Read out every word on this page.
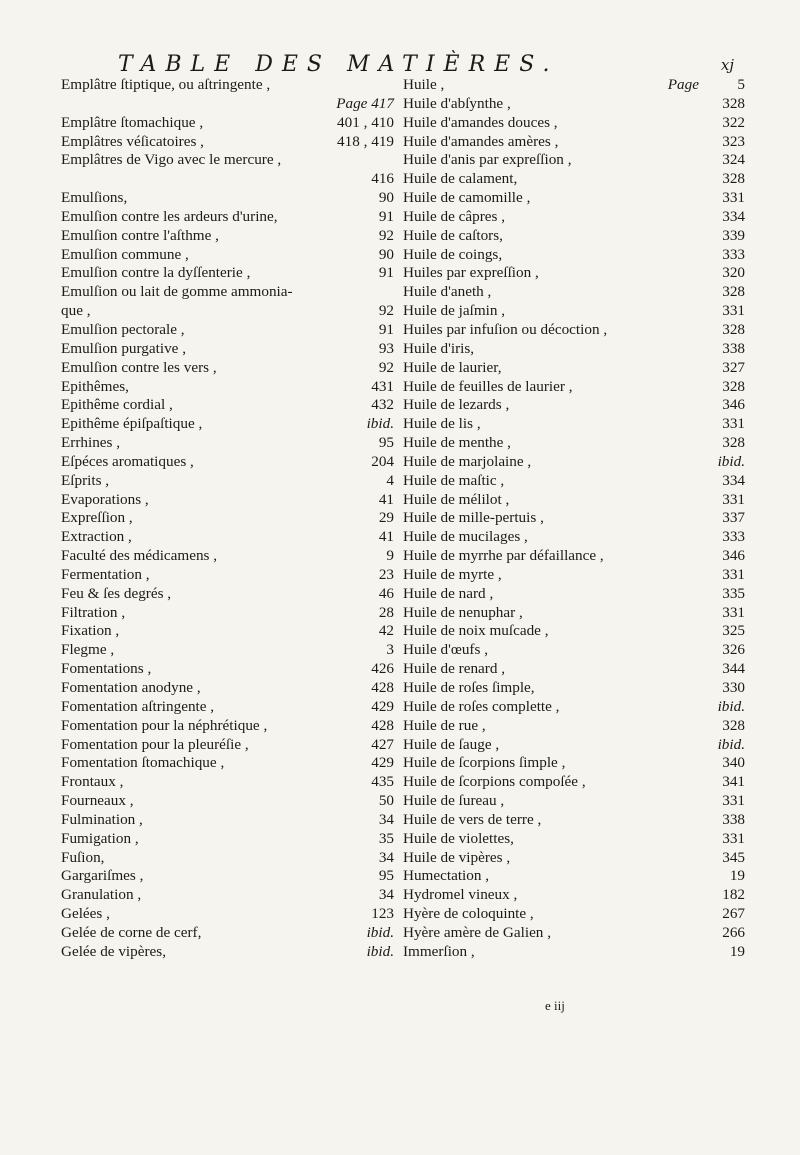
TABLE DES MATIÈRES.	xj
Emplâtre ſtiptique, ou aſtringente ,
Page 417
Emplâtre ſtomachique ,	401 , 410
Emplâtres véſicatoires ,	418 , 419
Emplâtres de Vigo avec le mercure ,
416
Emulſions,	90
Emulſion contre les ardeurs d'urine,	91
Emulſion contre l'aſthme ,	92
Emulſion commune ,	90
Emulſion contre la dyſſenterie ,	91
Emulſion ou lait de gomme ammonia-
que ,	92
Emulſion pectorale ,	91
Emulſion purgative ,	93
Emulſion contre les vers ,	92
Epithêmes,	431
Epithême cordial ,	432
Epithême épiſpaſtique ,	ibid.
Errhines ,	95
Eſpéces aromatiques ,	204
Eſprits ,	4
Evaporations ,	41
Expreſſion ,	29
Extraction ,	41
Faculté des médicamens ,	9
Fermentation ,	23
Feu & ſes degrés ,	46
Filtration ,	28
Fixation ,	42
Flegme ,	3
Fomentations ,	426
Fomentation anodyne ,	428
Fomentation aſtringente ,	429
Fomentation pour la néphrétique ,	428
Fomentation pour la pleuréſie ,	427
Fomentation ſtomachique ,	429
Frontaux ,	435
Fourneaux ,	50
Fulmination ,	34
Fumigation ,	35
Fuſion,	34
Gargariſmes ,	95
Granulation ,	34
Gelées ,	123
Gelée de corne de cerf,	ibid.
Gelée de vipères,	ibid.
Huile ,	Page	5
Huile d'abſynthe ,	328
Huile d'amandes douces ,	322
Huile d'amandes amères ,	323
Huile d'anis par expreſſion ,	324
Huile de calament,	328
Huile de camomille ,	331
Huile de câpres ,	334
Huile de caſtors,	339
Huile de coings,	333
Huiles par expreſſion ,	320
Huile d'aneth ,	328
Huile de jaſmin ,	331
Huiles par infuſion ou décoction ,	328
Huile d'iris,	338
Huile de laurier,	327
Huile de feuilles de laurier ,	328
Huile de lezards ,	346
Huile de lis ,	331
Huile de menthe ,	328
Huile de marjolaine ,	ibid.
Huile de maſtic ,	334
Huile de mélilot ,	331
Huile de mille-pertuis ,	337
Huile de mucilages ,	333
Huile de myrrhe par défaillance ,	346
Huile de myrte ,	331
Huile de nard ,	335
Huile de nenuphar ,	331
Huile de noix muſcade ,	325
Huile d'œufs ,	326
Huile de renard ,	344
Huile de roſes ſimple,	330
Huile de roſes complette ,	ibid.
Huile de rue ,	328
Huile de ſauge ,	ibid.
Huile de ſcorpions ſimple ,	340
Huile de ſcorpions compoſée ,	341
Huile de ſureau ,	331
Huile de vers de terre ,	338
Huile de violettes,	331
Huile de vipères ,	345
Humectation ,	19
Hydromel vineux ,	182
Hyère de coloquinte ,	267
Hyère amère de Galien ,	266
Immerſion ,	19
e iij
